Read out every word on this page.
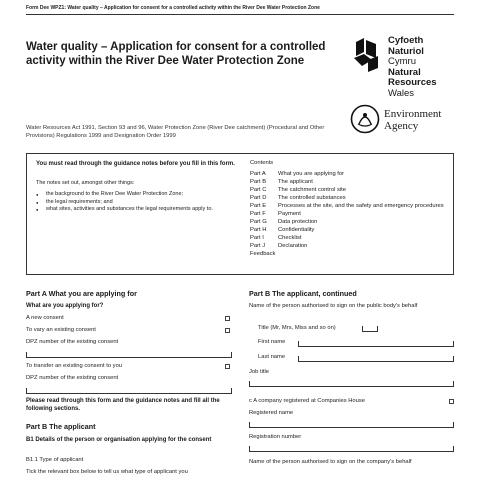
Form Dee WPZ1: Water quality – Application for consent for a controlled activity within the River Dee Water Protection Zone
Water quality – Application for consent for a controlled activity within the River Dee Water Protection Zone
Cyfoeth
Naturiol
Cymru
Natural
Resources
Wales
Environment
Agency
Water Resources Act 1991, Section 93 and 96, Water Protection Zone (River Dee catchment) (Procedural and Other Provisions) Regulations 1999 and Designation Order 1999
You must read through the guidance notes before you fill in this form.
The notes set out, amongst other things:
● the background to the River Dee Water Protection Zone;
● the legal requirements; and
● what sites, activities and substances the legal requirements apply to.
Contents
Part A	What you are applying for
Part B	The applicant
Part C	The catchment control site
Part D	The controlled substances
Part E	Processes at the site, and the safety and emergency procedures
Part F	Payment
Part G	Data protection
Part H	Confidentiality
Part I	Checklist
Part J	Declaration
Feedback
Part A What you are applying for
What are you applying for?
A new consent
To vary an existing consent
DPZ number of the existing consent
To transfer an existing consent to you
DPZ number of the existing consent
Please read through this form and the guidance notes and fill all the following sections.
Part B The applicant
B1 Details of the person or organisation applying for the consent
B1.1 Type of applicant
Tick the relevant box below to tell us what type of applicant you
Part B The applicant, continued
Name of the person authorised to sign on the public body's behalf
Title (Mr, Mrs, Miss and so on)
First name
Last name
Job title
c A company registered at Companies House
Registered name
Registration number
Name of the person authorised to sign on the company's behalf
